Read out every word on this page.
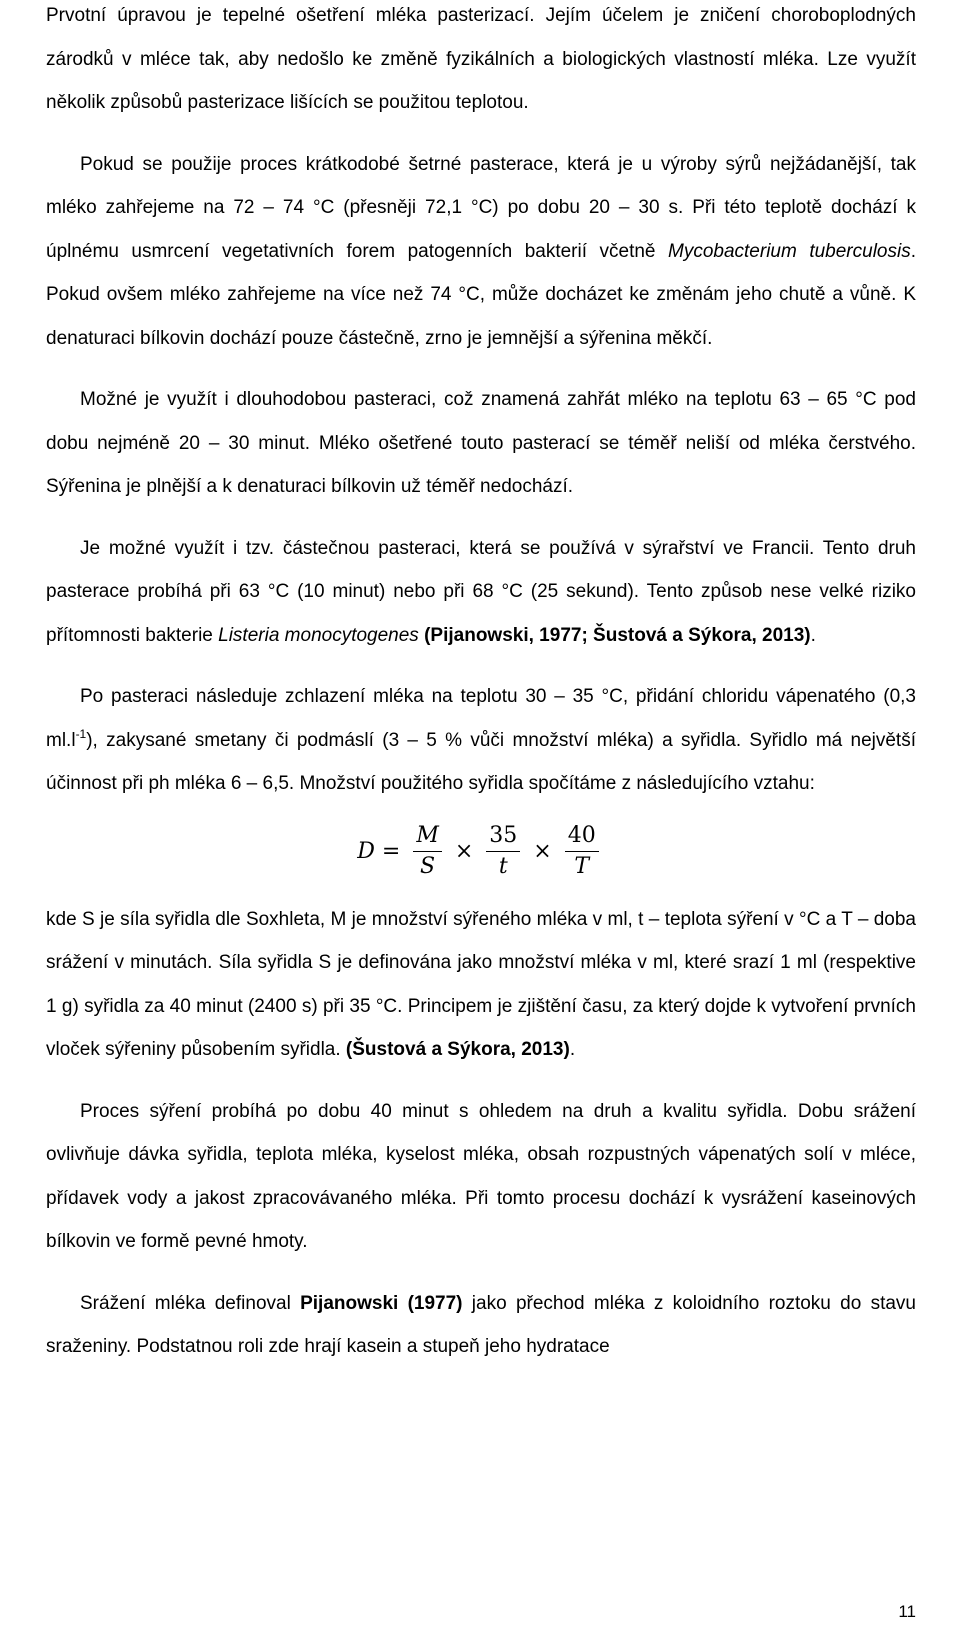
Prvotní úpravou je tepelné ošetření mléka pasterizací. Jejím účelem je zničení choroboplodných zárodků v mléce tak, aby nedošlo ke změně fyzikálních a biologických vlastností mléka. Lze využít několik způsobů pasterizace lišících se použitou teplotou.

Pokud se použije proces krátkodobé šetrné pasterace, která je u výroby sýrů nejžádanější, tak mléko zahřejeme na 72 – 74 °C (přesněji 72,1 °C) po dobu 20 – 30 s. Při této teplotě dochází k úplnému usmrcení vegetativních forem patogenních bakterií včetně Mycobacterium tuberculosis. Pokud ovšem mléko zahřejeme na více než 74 °C, může docházet ke změnám jeho chutě a vůně. K denaturaci bílkovin dochází pouze částečně, zrno je jemnější a sýřenina měkčí.

Možné je využít i dlouhodobou pasteraci, což znamená zahřát mléko na teplotu 63 – 65 °C pod dobu nejméně 20 – 30 minut. Mléko ošetřené touto pasterací se téměř neliší od mléka čerstvého. Sýřenina je plnější a k denaturaci bílkovin už téměř nedochází.

Je možné využít i tzv. částečnou pasteraci, která se používá v sýrařství ve Francii. Tento druh pasterace probíhá při 63 °C (10 minut) nebo při 68 °C (25 sekund). Tento způsob nese velké riziko přítomnosti bakterie Listeria monocytogenes (Pijanowski, 1977; Šustová a Sýkora, 2013).

Po pasteraci následuje zchlazení mléka na teplotu 30 – 35 °C, přidání chloridu vápenatého (0,3 $ml.l^{-1}$), zakysané smetany či podmáslí (3 – 5 % vůči množství mléka) a syřidla. Syřidlo má největší účinnost při ph mléka 6 – 6,5. Množství použitého syřidla spočítáme z následujícího vztahu:

$D = \frac{M}{S} \times \frac{35}{t} \times \frac{40}{T}$

kde S je síla syřidla dle Soxhleta, M je množství sýřeného mléka v ml, t – teplota sýření v °C a T – doba srážení v minutách. Síla syřidla S je definována jako množství mléka v ml, které srazí 1 ml (respektive 1 g) syřidla za 40 minut (2400 s) při 35 °C. Principem je zjištění času, za který dojde k vytvoření prvních vloček sýřeniny působením syřidla. (Šustová a Sýkora, 2013).

Proces sýření probíhá po dobu 40 minut s ohledem na druh a kvalitu syřidla. Dobu srážení ovlivňuje dávka syřidla, teplota mléka, kyselost mléka, obsah rozpustných vápenatých solí v mléce, přídavek vody a jakost zpracovávaného mléka. Při tomto procesu dochází k vysrážení kaseinových bílkovin ve formě pevné hmoty.

Srážení mléka definoval Pijanowski (1977) jako přechod mléka z koloidního roztoku do stavu sraženiny. Podstatnou roli zde hrají kasein a stupeň jeho hydratace

11
